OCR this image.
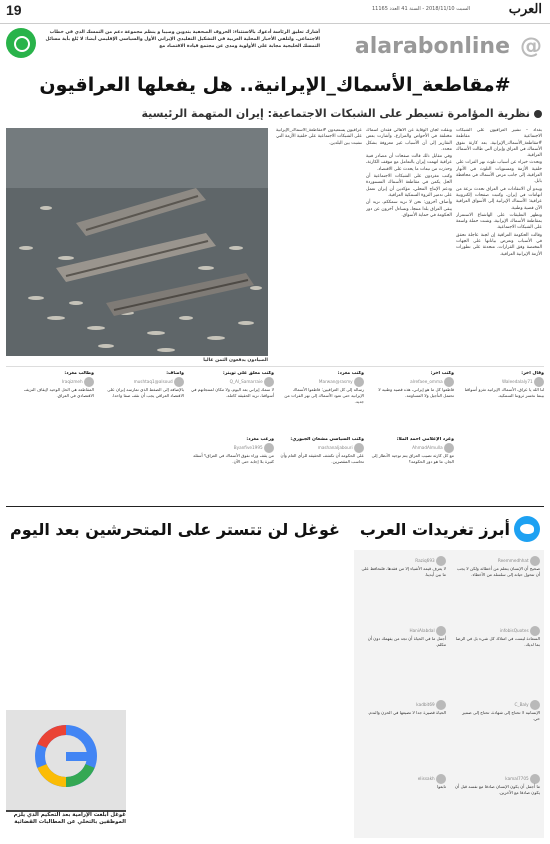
19	العرب
السبت 2018/11/10 - السنة 41 العدد 11165
أشارك تعليق الرئاسة أدعوك بالاستثناء: الحروف الصحفية بتدوين وصيبا و ينظم مجموعة دعم من التمسك الذي في خطاب الاجتماعي. ولتلقي الأخبار المحلية العربية في التشكيل التقليدي الإيراني الأول والسياسي الإقليمي أيضا: لا بُلغ بأية مسائل التمسك الخليجية مجابة على الأولوية ومدى عن مجتمع قيادة الاقتصاد مع alarabonline @
#مقاطعة_الأسماك_الإيرانية.. هل يفعلها العراقيون
نظرية المؤامرة تسيطر على الشبكات الاجتماعية: إيران المتهمة الرئيسية

بغداد – تشير العراقيون على الشبكات الاجتماعية مقاطعة #مقاطعة_الأسماك_الإيرانية، بعد كارثة نفوق الأسماك في العراق وإيران التي طالت الأسماك العراقية.

وتحدث خبراء عن أسباب تلوث نهر الفرات على خلفية الأزمة ومستويات التلوث في الأنهار العراقية، إلى جانب مرض الأسماك في محافظة بابل.

ويبدو أن الانتقادات في العراق تحدث نزعة من اتهامات في إيران، وكتبت صفحات إلكترونية عراقية: الأسماك الإيرانية إلى الأسواق العراقية الآن قضية وطنية.

وتظهر التعليقات على الهاشتاغ الاستمرار بمقاطعة الأسماك الإيرانية، وشنت حملة واسعة على الشبكات الاجتماعية.

وقالت الحكومة العراقية إن لجنة عاجلة تحقق في الأسباب وتعرض بياناتها على الجهات المختصة وفق القرارات، متحدثة على تطورات الأزمة الإيرانية العراقية.

ونقلت لجان الوقاية عن الأهالي فقدان أسماك مختلفة في الأحواض والمزارع، وأشارت بعض التقارير إلى أن الأسباب غير معروفة بشكل محدد.

وفي مقابل ذلك قالت صفحات أن مصادر فنية عراقية اتهمت إيران بالتعامل مع موقف الكارثة، وحذرت من تبعات ما يحدث على الاقتصاد.

وكتب مغردون على الشبكات الاجتماعية أن الحل يكمن في مقاطعة الأسماك المستوردة ودعم الإنتاج المحلي، مؤكدين أن إيران تعمل على تدمير الثروة السمكية العراقية.

وأضاف آخرون: نحن لا نريد سمككم، نريد أن يبقى العراق بلدا منتجا، وتساءل آخرون عن دور الحكومة في حماية الأسواق.

عراقيون يستعيدون #مقاطعة_الأسماك_الإيرانية على الشبكات الاجتماعية على خلفية الأزمة التي نشبت بين البلدين.

الصيادون يدفعون الثمن غاليا
وقال آخر:
Waleedalaly71
لنا الله يا عراق، الأسماك الإيرانية تغزو أسواقنا بينما نخسر ثروتنا السمكية.
وكتب آخر:
alrefaee_omma
قاطعوا كل ما هو إيراني، هذه قضية وطنية لا تحتمل التأجيل ولا المساومة.
وكتب مغرد:
Marwan@rasmy
رسالة إلى كل العراقيين: قاطعوا الأسماك الإيرانية حتى تعود الأسماك إلى نهر الفرات من جديد.
وكتب معلق على تويتر:
Q_Al_Samarraie
لا سمك إيراني بعد اليوم، ولا مكان لمنتجاتهم في أسواقنا، نريد الحقيقة كاملة.
وأضاف:
mushtaq1@alsoud
بالإضافة إلى الضغط الذي تمارسه إيران على الاقتصاد العراقي يجب أن نقف صفا واحدا.
وطالب مغرد:
Iraqizmeh
المقاطعة هي الحل الوحيد لإيقاف النزيف الاقتصادي في العراق.
وغرد الإعلامي أحمد الملا:
AhmadAlmulla
مع كل كارثة تصيب العراق يتم توجيه الأنظار إلى الجار، ما هو دور الحكومة؟
ورغب مغرد:
Byanfive1995
من يقف وراء نفوق الأسماك في العراق؟ أسئلة كثيرة بلا إجابة حتى الآن.
وكتب السياسي مشعان الجبوري:
mashanaljabouri
على الحكومة أن تكشف الحقيقة للرأي العام وأن تحاسب المقصرين.
أبرز تغريدات العرب
Reemmedhhat
صحيح أن الإنسان يتعلم من أخطائه ولكن لا يجب أن تتحول حياته إلى سلسلة من الأخطاء.
Raziq693
لا يعرف قيمة الأشياء إلا من فقدها، فلنحافظ على ما بين أيدينا.
infobisQuotes
السعادة ليست في امتلاك كل شيء بل في الرضا بما لديك.
HaniAlabdal
أجمل ما في الحياة أن تجد من يفهمك دون أن تتكلم.
C_Baly
الإنسانية لا تحتاج إلى شهادة، تحتاج إلى ضمير حي.
kadbit69
الحياة قصيرة جدا لا تضيعها في الحزن والندم.
kamal7705
ما أجمل أن يكون الإنسان صادقا مع نفسه قبل أن يكون صادقا مع الآخرين.
elissakh
تابعوا
غوغل لن تتستر على المتحرشين بعد اليوم
غوغل أبلغت الإرامية بعد التحكيم الذي يلزم الموظفين بالتخلي عن المطالبات القضائية
